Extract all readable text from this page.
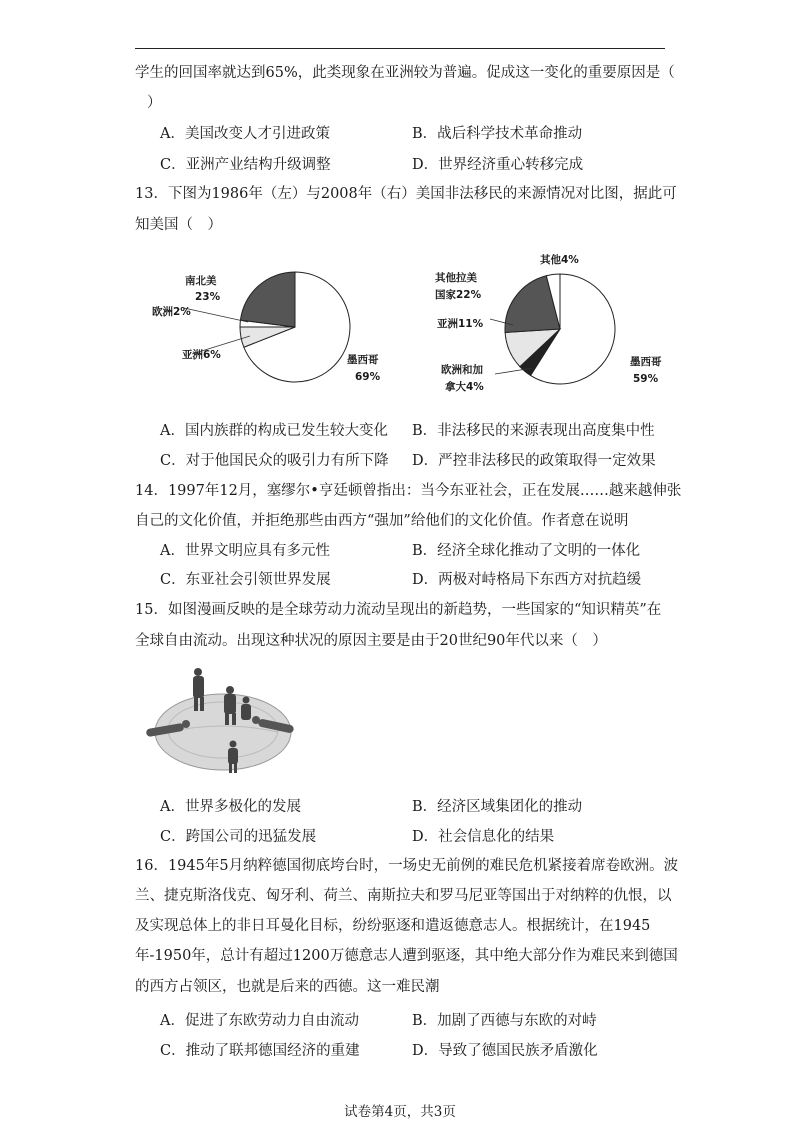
学生的回国率就达到65%，此类现象在亚洲较为普遍。促成这一变化的重要原因是（
）
A．美国改变人才引进政策	B．战后科学技术革命推动
C．亚洲产业结构升级调整	D．世界经济重心转移完成
13．下图为1986年（左）与2008年（右）美国非法移民的来源情况对比图，据此可
知美国（　）
南北美
23%
欧洲2%
亚洲6%	墨西哥
69%
其他4%
其他拉美
国家22%
亚洲11%
欧洲和加
拿大4%
墨西哥
59%
A．国内族群的构成已发生较大变化 B．非法移民的来源表现出高度集中性
C．对于他国民众的吸引力有所下降 D．严控非法移民的政策取得一定效果
14．1997年12月，塞缪尔•亨廷顿曾指出：当今东亚社会，正在发展……越来越伸张
自己的文化价值，并拒绝那些由西方“强加”给他们的文化价值。作者意在说明
A．世界文明应具有多元性	B．经济全球化推动了文明的一体化
C．东亚社会引领世界发展	D．两极对峙格局下东西方对抗趋缓
15．如图漫画反映的是全球劳动力流动呈现出的新趋势，一些国家的“知识精英”在
全球自由流动。出现这种状况的原因主要是由于20世纪90年代以来（　）
A．世界多极化的发展	B．经济区域集团化的推动
C．跨国公司的迅猛发展	D．社会信息化的结果
16．1945年5月纳粹德国彻底垮台时，一场史无前例的难民危机紧接着席卷欧洲。波
兰、捷克斯洛伐克、匈牙利、荷兰、南斯拉夫和罗马尼亚等国出于对纳粹的仇恨，以
及实现总体上的非日耳曼化目标，纷纷驱逐和遣返德意志人。根据统计，在1945
年-1950年，总计有超过1200万德意志人遭到驱逐，其中绝大部分作为难民来到德国
的西方占领区，也就是后来的西德。这一难民潮
A．促进了东欧劳动力自由流动	B．加剧了西德与东欧的对峙
C．推动了联邦德国经济的重建	D．导致了德国民族矛盾激化
试卷第4页，共3页
